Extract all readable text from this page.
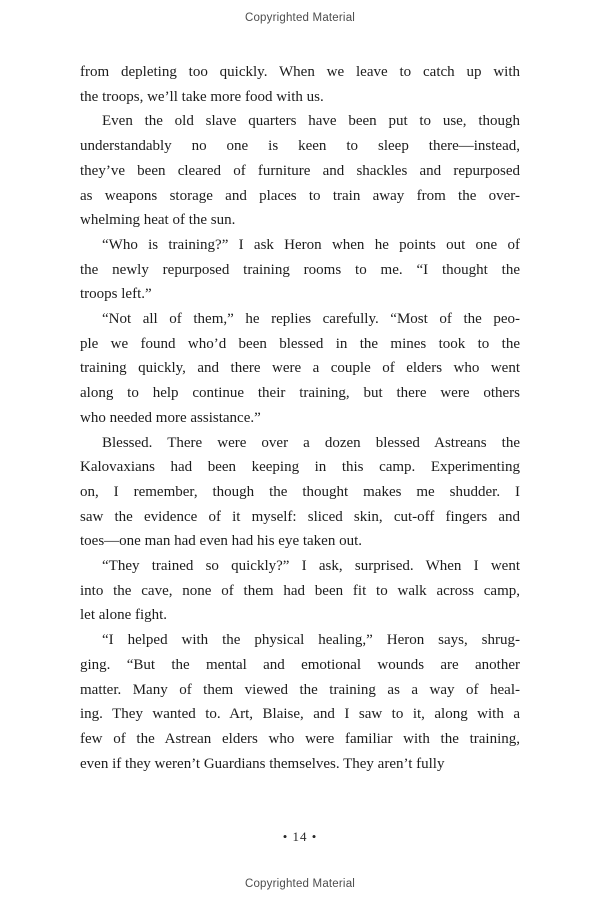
Copyrighted Material
from depleting too quickly. When we leave to catch up with
the troops, we’ll take more food with us.
Even the old slave quarters have been put to use, though
understandably no one is keen to sleep there—instead,
they’ve been cleared of furniture and shackles and repurposed
as weapons storage and places to train away from the over-
whelming heat of the sun.
“Who is training?” I ask Heron when he points out one of
the newly repurposed training rooms to me. “I thought the
troops left.”
“Not all of them,” he replies carefully. “Most of the peo-
ple we found who’d been blessed in the mines took to the
training quickly, and there were a couple of elders who went
along to help continue their training, but there were others
who needed more assistance.”
Blessed. There were over a dozen blessed Astreans the
Kalovaxians had been keeping in this camp. Experimenting
on, I remember, though the thought makes me shudder. I
saw the evidence of it myself: sliced skin, cut-off fingers and
toes—one man had even had his eye taken out.
“They trained so quickly?” I ask, surprised. When I went
into the cave, none of them had been fit to walk across camp,
let alone fight.
“I helped with the physical healing,” Heron says, shrug-
ging. “But the mental and emotional wounds are another
matter. Many of them viewed the training as a way of heal-
ing. They wanted to. Art, Blaise, and I saw to it, along with a
few of the Astrean elders who were familiar with the training,
even if they weren’t Guardians themselves. They aren’t fully
• 14 •
Copyrighted Material
